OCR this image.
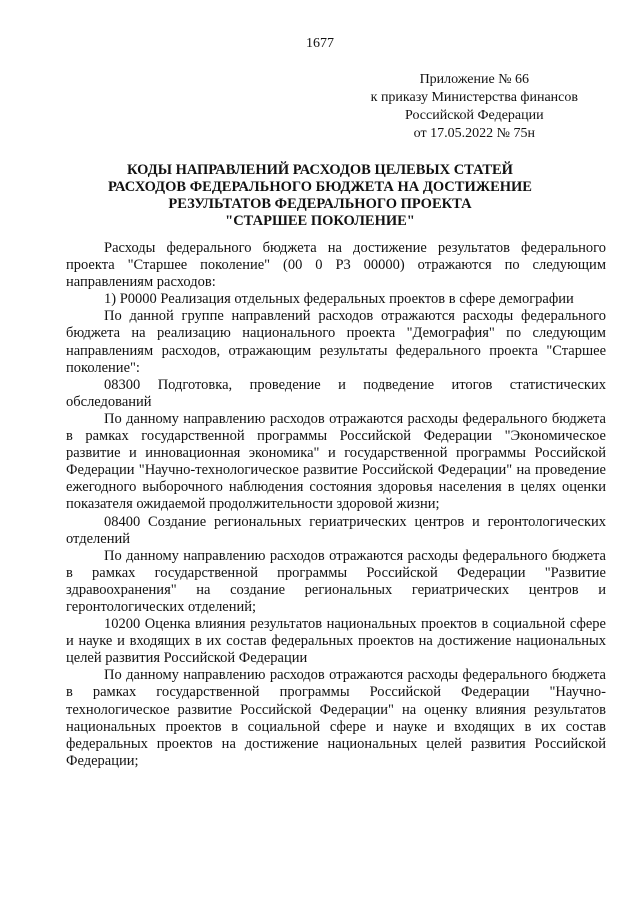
1677
Приложение № 66
к приказу Министерства финансов
Российской Федерации
от 17.05.2022 № 75н
КОДЫ НАПРАВЛЕНИЙ РАСХОДОВ ЦЕЛЕВЫХ СТАТЕЙ
РАСХОДОВ ФЕДЕРАЛЬНОГО БЮДЖЕТА НА ДОСТИЖЕНИЕ
РЕЗУЛЬТАТОВ ФЕДЕРАЛЬНОГО ПРОЕКТА
"СТАРШЕЕ ПОКОЛЕНИЕ"

Расходы федерального бюджета на достижение результатов федерального проекта "Старшее поколение" (00 0 Р3 00000) отражаются по следующим направлениям расходов:

1) Р0000 Реализация отдельных федеральных проектов в сфере демографии

По данной группе направлений расходов отражаются расходы федерального бюджета на реализацию национального проекта "Демография" по следующим направлениям расходов, отражающим результаты федерального проекта "Старшее поколение":

08300 Подготовка, проведение и подведение итогов статистических обследований

По данному направлению расходов отражаются расходы федерального бюджета в рамках государственной программы Российской Федерации "Экономическое развитие и инновационная экономика" и государственной программы Российской Федерации "Научно-технологическое развитие Российской Федерации" на проведение ежегодного выборочного наблюдения состояния здоровья населения в целях оценки показателя ожидаемой продолжительности здоровой жизни;

08400 Создание региональных гериатрических центров и геронтологических отделений

По данному направлению расходов отражаются расходы федерального бюджета в рамках государственной программы Российской Федерации "Развитие здравоохранения" на создание региональных гериатрических центров и геронтологических отделений;

10200 Оценка влияния результатов национальных проектов в социальной сфере и науке и входящих в их состав федеральных проектов на достижение национальных целей развития Российской Федерации

По данному направлению расходов отражаются расходы федерального бюджета в рамках государственной программы Российской Федерации "Научно-технологическое развитие Российской Федерации" на оценку влияния результатов национальных проектов в социальной сфере и науке и входящих в их состав федеральных проектов на достижение национальных целей развития Российской Федерации;
